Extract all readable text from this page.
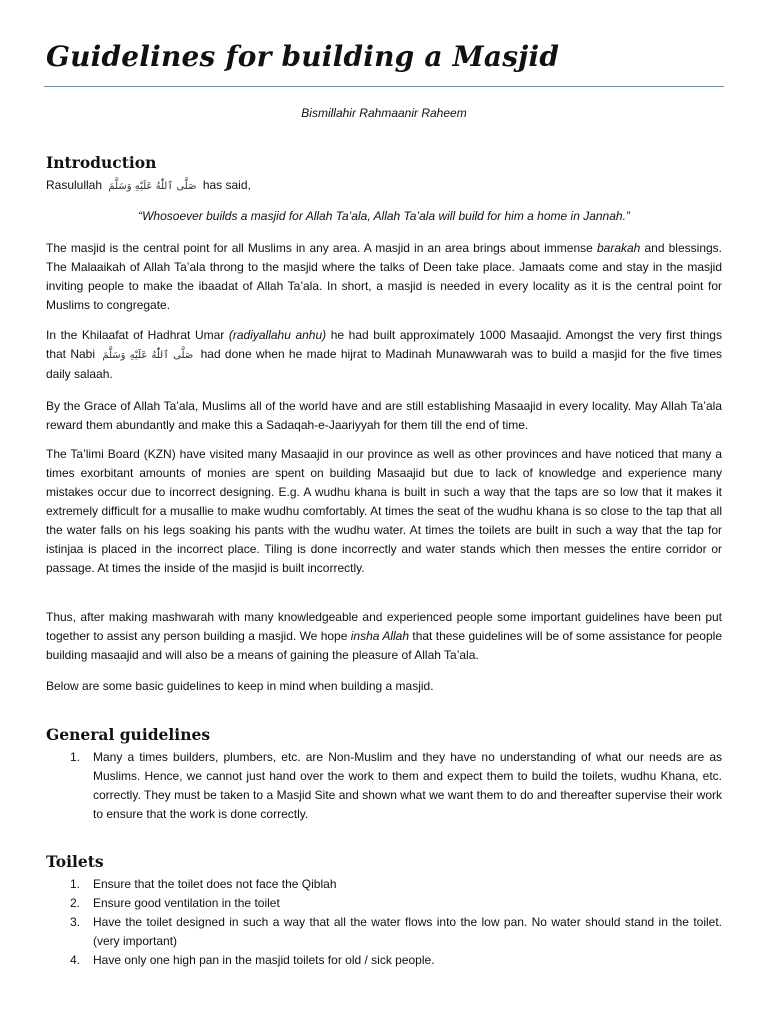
Guidelines for building a Masjid
Bismillahir Rahmaanir Raheem
Introduction
Rasulullah صَلَّى ٱللّٰهُ عَلَيْهِ وَسَلَّمَ has said,
“Whosoever builds a masjid for Allah Ta’ala, Allah Ta’ala will build for him a home in Jannah.”
The masjid is the central point for all Muslims in any area. A masjid in an area brings about immense barakah and blessings. The Malaaikah of Allah Ta’ala throng to the masjid where the talks of Deen take place. Jamaats come and stay in the masjid inviting people to make the ibaadat of Allah Ta’ala. In short, a masjid is needed in every locality as it is the central point for Muslims to congregate.
In the Khilaafat of Hadhrat Umar (radiyallahu anhu) he had built approximately 1000 Masaajid. Amongst the very first things that Nabi صَلَّى ٱللّٰهُ عَلَيْهِ وَسَلَّمَ had done when he made hijrat to Madinah Munawwarah was to build a masjid for the five times daily salaah.
By the Grace of Allah Ta’ala, Muslims all of the world have and are still establishing Masaajid in every locality. May Allah Ta’ala reward them abundantly and make this a Sadaqah-e-Jaariyyah for them till the end of time.
The Ta’limi Board (KZN) have visited many Masaajid in our province as well as other provinces and have noticed that many a times exorbitant amounts of monies are spent on building Masaajid but due to lack of knowledge and experience many mistakes occur due to incorrect designing. E.g. A wudhu khana is built in such a way that the taps are so low that it makes it extremely difficult for a musallie to make wudhu comfortably. At times the seat of the wudhu khana is so close to the tap that all the water falls on his legs soaking his pants with the wudhu water. At times the toilets are built in such a way that the tap for istinjaa is placed in the incorrect place. Tiling is done incorrectly and water stands which then messes the entire corridor or passage. At times the inside of the masjid is built incorrectly.
Thus, after making mashwarah with many knowledgeable and experienced people some important guidelines have been put together to assist any person building a masjid. We hope insha Allah that these guidelines will be of some assistance for people building masaajid and will also be a means of gaining the pleasure of Allah Ta’ala.
Below are some basic guidelines to keep in mind when building a masjid.
General guidelines
1. Many a times builders, plumbers, etc. are Non-Muslim and they have no understanding of what our needs are as Muslims. Hence, we cannot just hand over the work to them and expect them to build the toilets, wudhu Khana, etc. correctly. They must be taken to a Masjid Site and shown what we want them to do and thereafter supervise their work to ensure that the work is done correctly.
Toilets
1. Ensure that the toilet does not face the Qiblah
2. Ensure good ventilation in the toilet
3. Have the toilet designed in such a way that all the water flows into the low pan. No water should stand in the toilet. (very important)
4. Have only one high pan in the masjid toilets for old / sick people.
